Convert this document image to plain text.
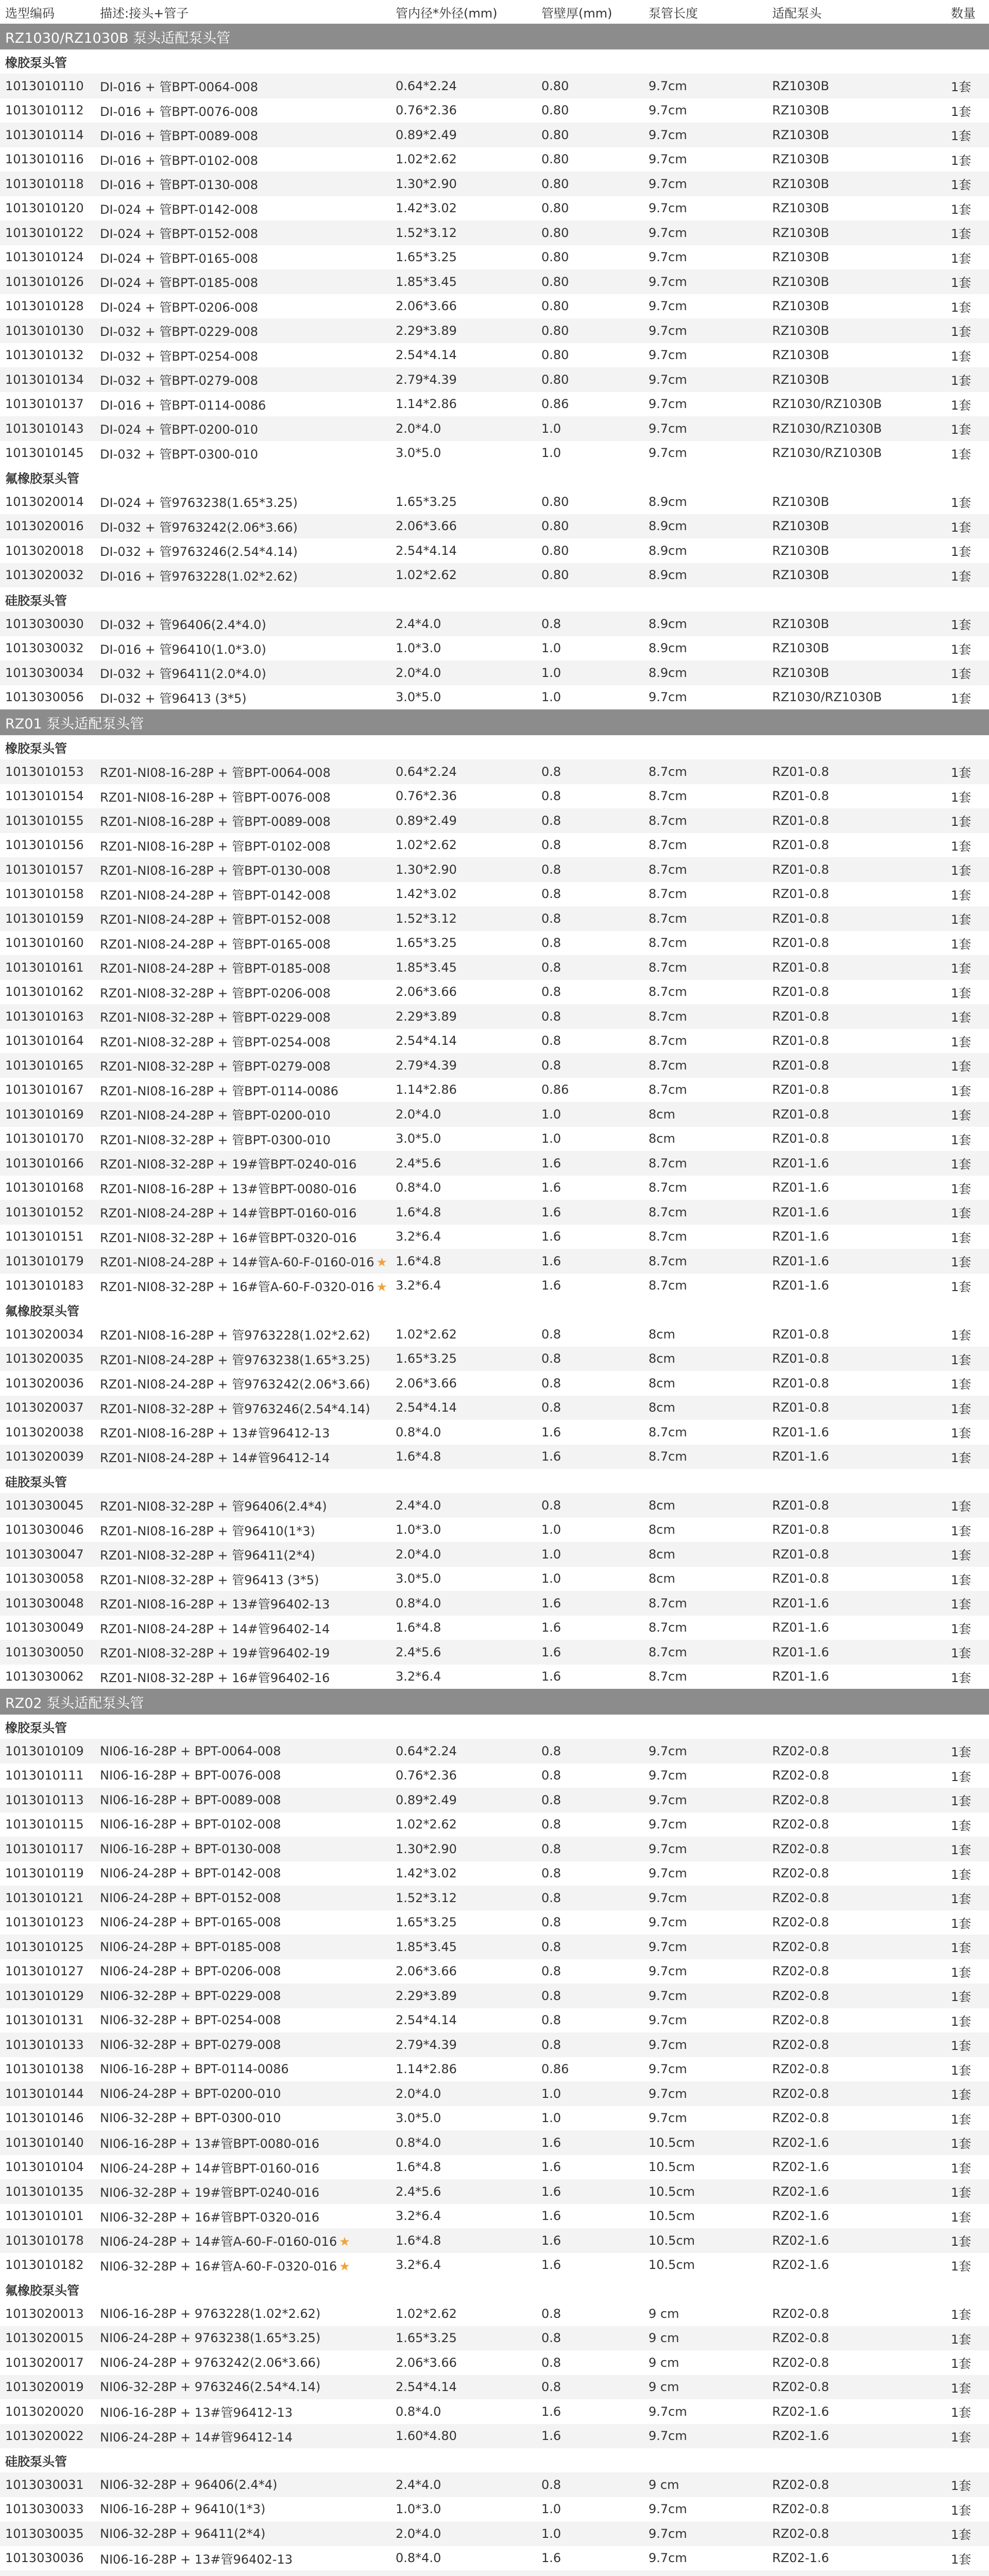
选型编码	描述:接头+管子	管内径*外径(mm)	管壁厚(mm)	泵管长度	适配泵头	数量
RZ1030/RZ1030B 泵头适配泵头管						
橡胶泵头管						
1013010110	DI-016 + 管BPT-0064-008	0.64*2.24	0.80	9.7cm	RZ1030B	1套
1013010112	DI-016 + 管BPT-0076-008	0.76*2.36	0.80	9.7cm	RZ1030B	1套
1013010114	DI-016 + 管BPT-0089-008	0.89*2.49	0.80	9.7cm	RZ1030B	1套
1013010116	DI-016 + 管BPT-0102-008	1.02*2.62	0.80	9.7cm	RZ1030B	1套
1013010118	DI-016 + 管BPT-0130-008	1.30*2.90	0.80	9.7cm	RZ1030B	1套
1013010120	DI-024 + 管BPT-0142-008	1.42*3.02	0.80	9.7cm	RZ1030B	1套
1013010122	DI-024 + 管BPT-0152-008	1.52*3.12	0.80	9.7cm	RZ1030B	1套
1013010124	DI-024 + 管BPT-0165-008	1.65*3.25	0.80	9.7cm	RZ1030B	1套
1013010126	DI-024 + 管BPT-0185-008	1.85*3.45	0.80	9.7cm	RZ1030B	1套
1013010128	DI-024 + 管BPT-0206-008	2.06*3.66	0.80	9.7cm	RZ1030B	1套
1013010130	DI-032 + 管BPT-0229-008	2.29*3.89	0.80	9.7cm	RZ1030B	1套
1013010132	DI-032 + 管BPT-0254-008	2.54*4.14	0.80	9.7cm	RZ1030B	1套
1013010134	DI-032 + 管BPT-0279-008	2.79*4.39	0.80	9.7cm	RZ1030B	1套
1013010137	DI-016 + 管BPT-0114-0086	1.14*2.86	0.86	9.7cm	RZ1030/RZ1030B	1套
1013010143	DI-024 + 管BPT-0200-010	2.0*4.0	1.0	9.7cm	RZ1030/RZ1030B	1套
1013010145	DI-032 + 管BPT-0300-010	3.0*5.0	1.0	9.7cm	RZ1030/RZ1030B	1套
氟橡胶泵头管						
1013020014	DI-024 + 管9763238(1.65*3.25)	1.65*3.25	0.80	8.9cm	RZ1030B	1套
1013020016	DI-032 + 管9763242(2.06*3.66)	2.06*3.66	0.80	8.9cm	RZ1030B	1套
1013020018	DI-032 + 管9763246(2.54*4.14)	2.54*4.14	0.80	8.9cm	RZ1030B	1套
1013020032	DI-016 + 管9763228(1.02*2.62)	1.02*2.62	0.80	8.9cm	RZ1030B	1套
硅胶泵头管						
1013030030	DI-032 + 管96406(2.4*4.0)	2.4*4.0	0.8	8.9cm	RZ1030B	1套
1013030032	DI-016 + 管96410(1.0*3.0)	1.0*3.0	1.0	8.9cm	RZ1030B	1套
1013030034	DI-032 + 管96411(2.0*4.0)	2.0*4.0	1.0	8.9cm	RZ1030B	1套
1013030056	DI-032 + 管96413 (3*5)	3.0*5.0	1.0	9.7cm	RZ1030/RZ1030B	1套
RZ01 泵头适配泵头管						
橡胶泵头管						
1013010153	RZ01-NI08-16-28P + 管BPT-0064-008	0.64*2.24	0.8	8.7cm	RZ01-0.8	1套
1013010154	RZ01-NI08-16-28P + 管BPT-0076-008	0.76*2.36	0.8	8.7cm	RZ01-0.8	1套
1013010155	RZ01-NI08-16-28P + 管BPT-0089-008	0.89*2.49	0.8	8.7cm	RZ01-0.8	1套
1013010156	RZ01-NI08-16-28P + 管BPT-0102-008	1.02*2.62	0.8	8.7cm	RZ01-0.8	1套
1013010157	RZ01-NI08-16-28P + 管BPT-0130-008	1.30*2.90	0.8	8.7cm	RZ01-0.8	1套
1013010158	RZ01-NI08-24-28P + 管BPT-0142-008	1.42*3.02	0.8	8.7cm	RZ01-0.8	1套
1013010159	RZ01-NI08-24-28P + 管BPT-0152-008	1.52*3.12	0.8	8.7cm	RZ01-0.8	1套
1013010160	RZ01-NI08-24-28P + 管BPT-0165-008	1.65*3.25	0.8	8.7cm	RZ01-0.8	1套
1013010161	RZ01-NI08-24-28P + 管BPT-0185-008	1.85*3.45	0.8	8.7cm	RZ01-0.8	1套
1013010162	RZ01-NI08-32-28P + 管BPT-0206-008	2.06*3.66	0.8	8.7cm	RZ01-0.8	1套
1013010163	RZ01-NI08-32-28P + 管BPT-0229-008	2.29*3.89	0.8	8.7cm	RZ01-0.8	1套
1013010164	RZ01-NI08-32-28P + 管BPT-0254-008	2.54*4.14	0.8	8.7cm	RZ01-0.8	1套
1013010165	RZ01-NI08-32-28P + 管BPT-0279-008	2.79*4.39	0.8	8.7cm	RZ01-0.8	1套
1013010167	RZ01-NI08-16-28P + 管BPT-0114-0086	1.14*2.86	0.86	8.7cm	RZ01-0.8	1套
1013010169	RZ01-NI08-24-28P + 管BPT-0200-010	2.0*4.0	1.0	8cm	RZ01-0.8	1套
1013010170	RZ01-NI08-32-28P + 管BPT-0300-010	3.0*5.0	1.0	8cm	RZ01-0.8	1套
1013010166	RZ01-NI08-32-28P + 19#管BPT-0240-016	2.4*5.6	1.6	8.7cm	RZ01-1.6	1套
1013010168	RZ01-NI08-16-28P + 13#管BPT-0080-016	0.8*4.0	1.6	8.7cm	RZ01-1.6	1套
1013010152	RZ01-NI08-24-28P + 14#管BPT-0160-016	1.6*4.8	1.6	8.7cm	RZ01-1.6	1套
1013010151	RZ01-NI08-32-28P + 16#管BPT-0320-016	3.2*6.4	1.6	8.7cm	RZ01-1.6	1套
1013010179	RZ01-NI08-24-28P + 14#管A-60-F-0160-016 ★	1.6*4.8	1.6	8.7cm	RZ01-1.6	1套
1013010183	RZ01-NI08-32-28P + 16#管A-60-F-0320-016 ★	3.2*6.4	1.6	8.7cm	RZ01-1.6	1套
氟橡胶泵头管						
1013020034	RZ01-NI08-16-28P + 管9763228(1.02*2.62)	1.02*2.62	0.8	8cm	RZ01-0.8	1套
1013020035	RZ01-NI08-24-28P + 管9763238(1.65*3.25)	1.65*3.25	0.8	8cm	RZ01-0.8	1套
1013020036	RZ01-NI08-24-28P + 管9763242(2.06*3.66)	2.06*3.66	0.8	8cm	RZ01-0.8	1套
1013020037	RZ01-NI08-32-28P + 管9763246(2.54*4.14)	2.54*4.14	0.8	8cm	RZ01-0.8	1套
1013020038	RZ01-NI08-16-28P + 13#管96412-13	0.8*4.0	1.6	8.7cm	RZ01-1.6	1套
1013020039	RZ01-NI08-24-28P + 14#管96412-14	1.6*4.8	1.6	8.7cm	RZ01-1.6	1套
硅胶泵头管						
1013030045	RZ01-NI08-32-28P + 管96406(2.4*4)	2.4*4.0	0.8	8cm	RZ01-0.8	1套
1013030046	RZ01-NI08-16-28P + 管96410(1*3)	1.0*3.0	1.0	8cm	RZ01-0.8	1套
1013030047	RZ01-NI08-32-28P + 管96411(2*4)	2.0*4.0	1.0	8cm	RZ01-0.8	1套
1013030058	RZ01-NI08-32-28P + 管96413 (3*5)	3.0*5.0	1.0	8cm	RZ01-0.8	1套
1013030048	RZ01-NI08-16-28P + 13#管96402-13	0.8*4.0	1.6	8.7cm	RZ01-1.6	1套
1013030049	RZ01-NI08-24-28P + 14#管96402-14	1.6*4.8	1.6	8.7cm	RZ01-1.6	1套
1013030050	RZ01-NI08-32-28P + 19#管96402-19	2.4*5.6	1.6	8.7cm	RZ01-1.6	1套
1013030062	RZ01-NI08-32-28P + 16#管96402-16	3.2*6.4	1.6	8.7cm	RZ01-1.6	1套
RZ02 泵头适配泵头管						
橡胶泵头管						
1013010109	NI06-16-28P + BPT-0064-008	0.64*2.24	0.8	9.7cm	RZ02-0.8	1套
1013010111	NI06-16-28P + BPT-0076-008	0.76*2.36	0.8	9.7cm	RZ02-0.8	1套
1013010113	NI06-16-28P + BPT-0089-008	0.89*2.49	0.8	9.7cm	RZ02-0.8	1套
1013010115	NI06-16-28P + BPT-0102-008	1.02*2.62	0.8	9.7cm	RZ02-0.8	1套
1013010117	NI06-16-28P + BPT-0130-008	1.30*2.90	0.8	9.7cm	RZ02-0.8	1套
1013010119	NI06-24-28P + BPT-0142-008	1.42*3.02	0.8	9.7cm	RZ02-0.8	1套
1013010121	NI06-24-28P + BPT-0152-008	1.52*3.12	0.8	9.7cm	RZ02-0.8	1套
1013010123	NI06-24-28P + BPT-0165-008	1.65*3.25	0.8	9.7cm	RZ02-0.8	1套
1013010125	NI06-24-28P + BPT-0185-008	1.85*3.45	0.8	9.7cm	RZ02-0.8	1套
1013010127	NI06-24-28P + BPT-0206-008	2.06*3.66	0.8	9.7cm	RZ02-0.8	1套
1013010129	NI06-32-28P + BPT-0229-008	2.29*3.89	0.8	9.7cm	RZ02-0.8	1套
1013010131	NI06-32-28P + BPT-0254-008	2.54*4.14	0.8	9.7cm	RZ02-0.8	1套
1013010133	NI06-32-28P + BPT-0279-008	2.79*4.39	0.8	9.7cm	RZ02-0.8	1套
1013010138	NI06-16-28P + BPT-0114-0086	1.14*2.86	0.86	9.7cm	RZ02-0.8	1套
1013010144	NI06-24-28P + BPT-0200-010	2.0*4.0	1.0	9.7cm	RZ02-0.8	1套
1013010146	NI06-32-28P + BPT-0300-010	3.0*5.0	1.0	9.7cm	RZ02-0.8	1套
1013010140	NI06-16-28P + 13#管BPT-0080-016	0.8*4.0	1.6	10.5cm	RZ02-1.6	1套
1013010104	NI06-24-28P + 14#管BPT-0160-016	1.6*4.8	1.6	10.5cm	RZ02-1.6	1套
1013010135	NI06-32-28P + 19#管BPT-0240-016	2.4*5.6	1.6	10.5cm	RZ02-1.6	1套
1013010101	NI06-32-28P + 16#管BPT-0320-016	3.2*6.4	1.6	10.5cm	RZ02-1.6	1套
1013010178	NI06-24-28P + 14#管A-60-F-0160-016 ★	1.6*4.8	1.6	10.5cm	RZ02-1.6	1套
1013010182	NI06-32-28P + 16#管A-60-F-0320-016 ★	3.2*6.4	1.6	10.5cm	RZ02-1.6	1套
氟橡胶泵头管						
1013020013	NI06-16-28P + 9763228(1.02*2.62)	1.02*2.62	0.8	9 cm	RZ02-0.8	1套
1013020015	NI06-24-28P + 9763238(1.65*3.25)	1.65*3.25	0.8	9 cm	RZ02-0.8	1套
1013020017	NI06-24-28P + 9763242(2.06*3.66)	2.06*3.66	0.8	9 cm	RZ02-0.8	1套
1013020019	NI06-32-28P + 9763246(2.54*4.14)	2.54*4.14	0.8	9 cm	RZ02-0.8	1套
1013020020	NI06-16-28P + 13#管96412-13	0.8*4.0	1.6	9.7cm	RZ02-1.6	1套
1013020022	NI06-24-28P + 14#管96412-14	1.60*4.80	1.6	9.7cm	RZ02-1.6	1套
硅胶泵头管						
1013030031	NI06-32-28P + 96406(2.4*4)	2.4*4.0	0.8	9 cm	RZ02-0.8	1套
1013030033	NI06-16-28P + 96410(1*3)	1.0*3.0	1.0	9.7cm	RZ02-0.8	1套
1013030035	NI06-32-28P + 96411(2*4)	2.0*4.0	1.0	9.7cm	RZ02-0.8	1套
1013030036	NI06-16-28P + 13#管96402-13	0.8*4.0	1.6	9.7cm	RZ02-1.6	1套
